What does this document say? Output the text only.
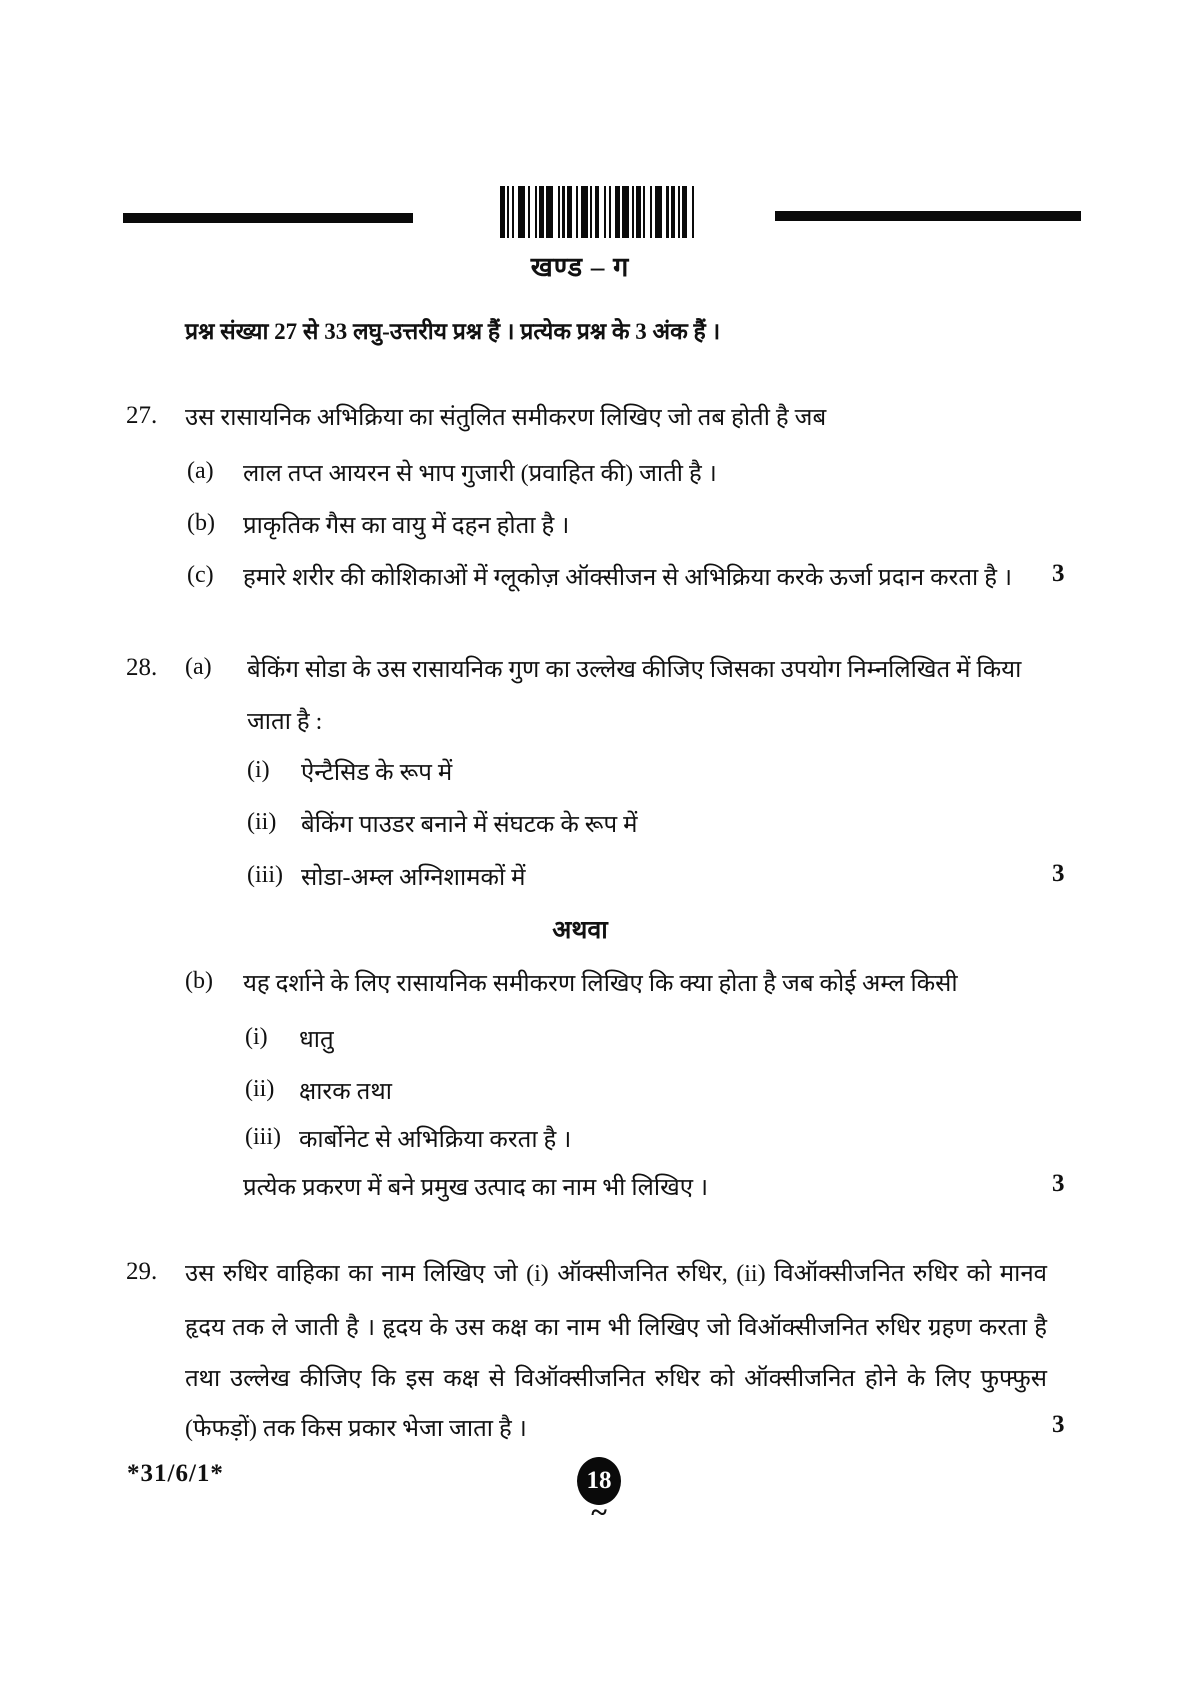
खण्ड – ग
प्रश्न संख्या 27 से 33 लघु-उत्तरीय प्रश्न हैं । प्रत्येक प्रश्न के 3 अंक हैं ।
27. उस रासायनिक अभिक्रिया का संतुलित समीकरण लिखिए जो तब होती है जब
(a) लाल तप्त आयरन से भाप गुजारी (प्रवाहित की) जाती है ।
(b) प्राकृतिक गैस का वायु में दहन होता है ।
(c) हमारे शरीर की कोशिकाओं में ग्लूकोज़ ऑक्सीजन से अभिक्रिया करके ऊर्जा प्रदान करता है । 3
28. (a) बेकिंग सोडा के उस रासायनिक गुण का उल्लेख कीजिए जिसका उपयोग निम्नलिखित में किया
जाता है :
(i) ऐन्टैसिड के रूप में
(ii) बेकिंग पाउडर बनाने में संघटक के रूप में
(iii) सोडा-अम्ल अग्निशामकों में	3
अथवा
(b) यह दर्शाने के लिए रासायनिक समीकरण लिखिए कि क्या होता है जब कोई अम्ल किसी
(i) धातु
(ii) क्षारक तथा
(iii) कार्बोनेट से अभिक्रिया करता है ।
प्रत्येक प्रकरण में बने प्रमुख उत्पाद का नाम भी लिखिए ।	3
29. उस रुधिर वाहिका का नाम लिखिए जो (i) ऑक्सीजनित रुधिर, (ii) विऑक्सीजनित रुधिर को मानव
हृदय तक ले जाती है । हृदय के उस कक्ष का नाम भी लिखिए जो विऑक्सीजनित रुधिर ग्रहण करता है
तथा उल्लेख कीजिए कि इस कक्ष से विऑक्सीजनित रुधिर को ऑक्सीजनित होने के लिए फुफ्फुस
(फेफड़ों) तक किस प्रकार भेजा जाता है ।	3
*31/6/1*	18
~
